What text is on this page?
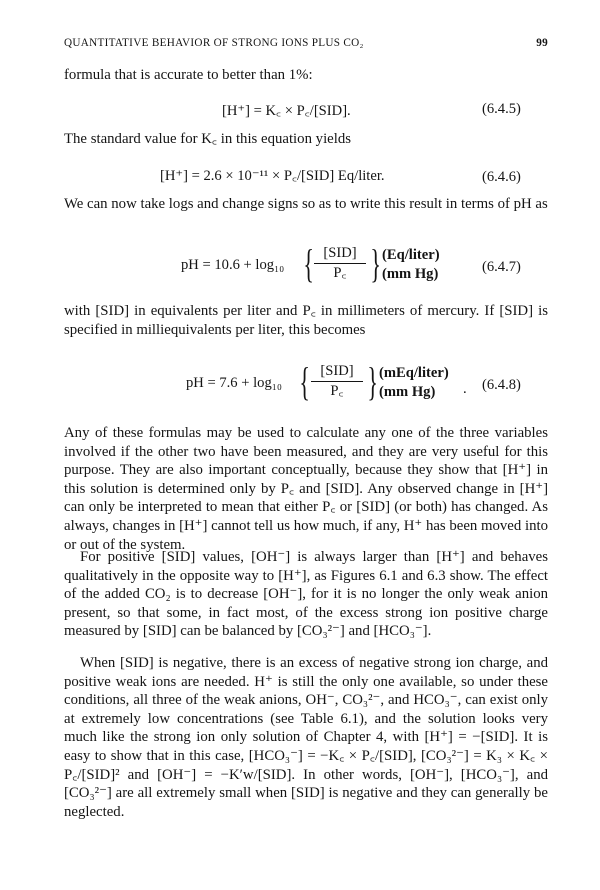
QUANTITATIVE BEHAVIOR OF STRONG IONS PLUS CO₂	99

formula that is accurate to better than 1%:

[H⁺] = K꜀ × P꜀/[SID].	(6.4.5)

The standard value for K꜀ in this equation yields

[H⁺] = 2.6 × 10⁻¹¹ × P꜀/[SID] Eq/liter.	(6.4.6)

We can now take logs and change signs so as to write this result in terms of pH as

pH = 10.6 + log₁₀ { [SID]
P꜀ } (Eq/liter)
(mm Hg)	(6.4.7)

with [SID] in equivalents per liter and P꜀ in millimeters of mercury. If [SID] is specified in milliequivalents per liter, this becomes

pH = 7.6 + log₁₀ { [SID]
P꜀ } (mEq/liter)
(mm Hg)	. (6.4.8)

Any of these formulas may be used to calculate any one of the three variables involved if the other two have been measured, and they are very useful for this purpose. They are also important conceptually, because they show that [H⁺] in this solution is determined only by P꜀ and [SID]. Any observed change in [H⁺] can only be interpreted to mean that either P꜀ or [SID] (or both) has changed. As always, changes in [H⁺] cannot tell us how much, if any, H⁺ has been moved into or out of the system.

For positive [SID] values, [OH⁻] is always larger than [H⁺] and behaves qualitatively in the opposite way to [H⁺], as Figures 6.1 and 6.3 show. The effect of the added CO₂ is to decrease [OH⁻], for it is no longer the only weak anion present, so that some, in fact most, of the excess strong ion positive charge measured by [SID] can be balanced by [CO₃²⁻] and [HCO₃⁻].

When [SID] is negative, there is an excess of negative strong ion charge, and positive weak ions are needed. H⁺ is still the only one available, so under these conditions, all three of the weak anions, OH⁻, CO₃²⁻, and HCO₃⁻, can exist only at extremely low concentrations (see Table 6.1), and the solution looks very much like the strong ion only solution of Chapter 4, with [H⁺] = −[SID]. It is easy to show that in this case, [HCO₃⁻] = −K꜀ × P꜀/[SID], [CO₃²⁻] = K₃ × K꜀ × P꜀/[SID]² and [OH⁻] = −K′w/[SID]. In other words, [OH⁻], [HCO₃⁻], and [CO₃²⁻] are all extremely small when [SID] is negative and they can generally be neglected.
